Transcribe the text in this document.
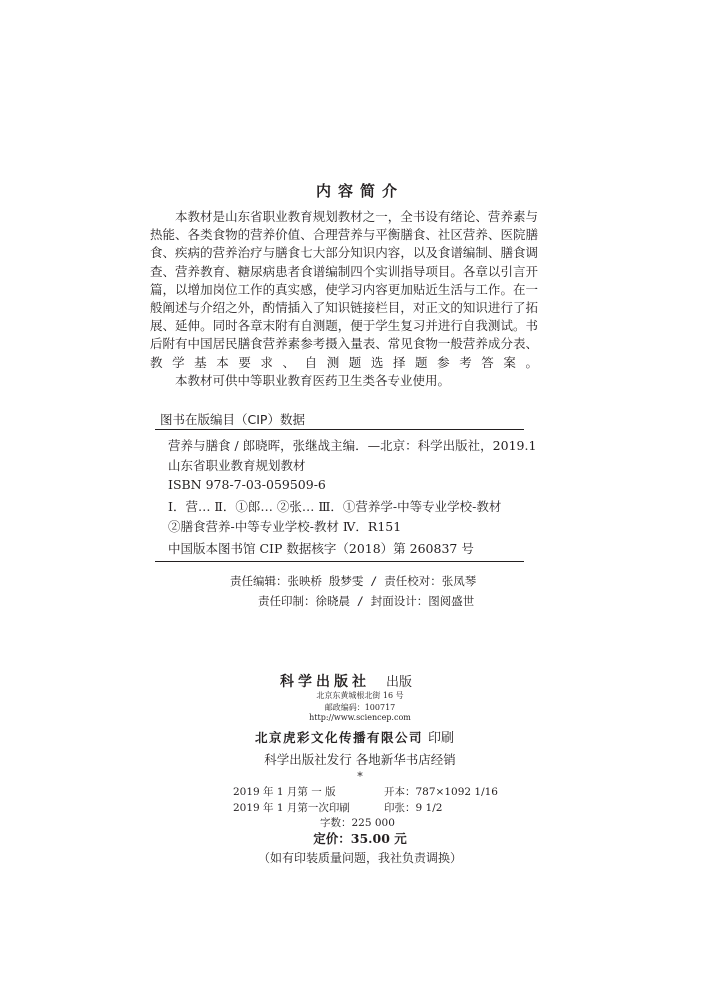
内容简介

本教材是山东省职业教育规划教材之一，全书设有绪论、营养素与热能、各类食物的营养价值、合理营养与平衡膳食、社区营养、医院膳食、疾病的营养治疗与膳食七大部分知识内容，以及食谱编制、膳食调查、营养教育、糖尿病患者食谱编制四个实训指导项目。各章以引言开篇，以增加岗位工作的真实感，使学习内容更加贴近生活与工作。在一般阐述与介绍之外，酌情插入了知识链接栏目，对正文的知识进行了拓展、延伸。同时各章末附有自测题，便于学生复习并进行自我测试。书后附有中国居民膳食营养素参考摄入量表、常见食物一般营养成分表、教学基本要求、自测题选择题参考答案。

本教材可供中等职业教育医药卫生类各专业使用。

图书在版编目（CIP）数据
营养与膳食 / 郎晓晖，张继战主编．—北京：科学出版社，2019.1
山东省职业教育规划教材
ISBN 978-7-03-059509-6
Ⅰ．营… Ⅱ．①郎… ②张… Ⅲ．①营养学-中等专业学校-教材
②膳食营养-中等专业学校-教材 Ⅳ．R151
中国版本图书馆 CIP 数据核字（2018）第 260837 号
责任编辑：张映桥 殷梦雯 / 责任校对：张凤琴
责任印制：徐晓晨 / 封面设计：图阅盛世
科学出版社 出版
北京东黄城根北街 16 号
邮政编码：100717
http://www.sciencep.com
北京虎彩文化传播有限公司 印刷
科学出版社发行 各地新华书店经销
*
2019 年 1 月第 一 版	开本：787×1092 1/16
2019 年 1 月第一次印刷	印张：9 1/2
字数：225 000
定价：35.00 元
（如有印装质量问题，我社负责调换）
